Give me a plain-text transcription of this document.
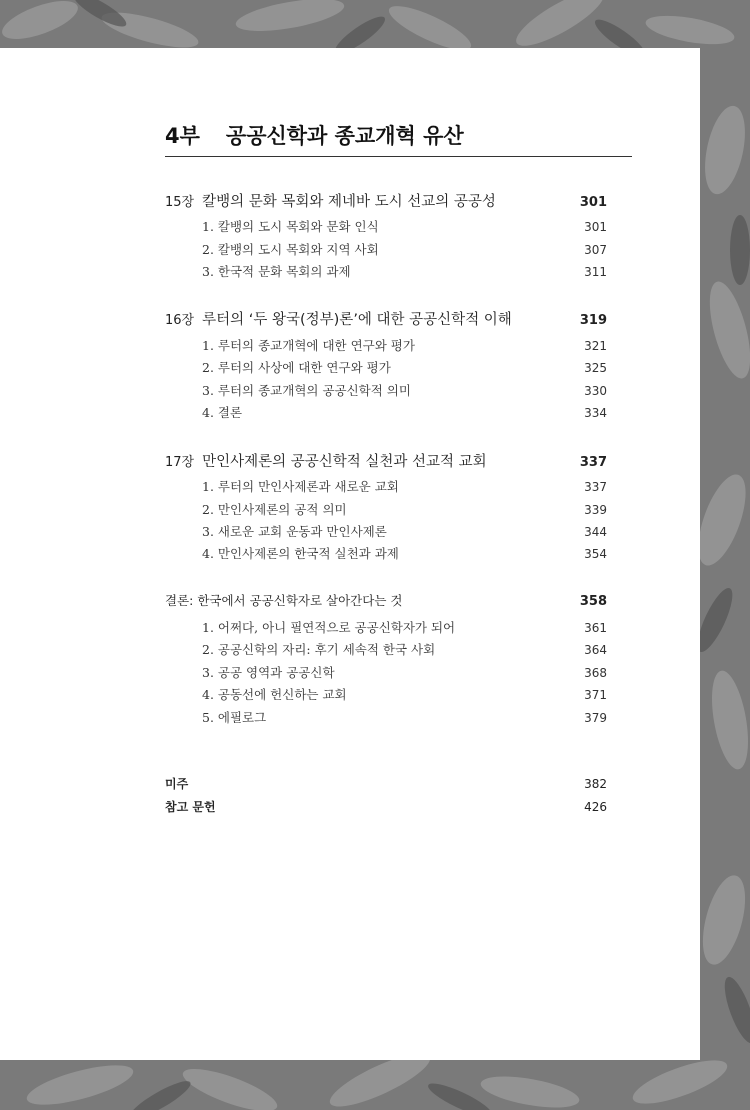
4부 공공신학과 종교개혁 유산
15장 칼뱅의 문화 목회와 제네바 도시 선교의 공공성	301
1. 칼뱅의 도시 목회와 문화 인식	301
2. 칼뱅의 도시 목회와 지역 사회	307
3. 한국적 문화 목회의 과제	311
16장 루터의 ‘두 왕국(정부)론’에 대한 공공신학적 이해	319
1. 루터의 종교개혁에 대한 연구와 평가	321
2. 루터의 사상에 대한 연구와 평가	325
3. 루터의 종교개혁의 공공신학적 의미	330
4. 결론	334
17장 만인사제론의 공공신학적 실천과 선교적 교회	337
1. 루터의 만인사제론과 새로운 교회	337
2. 만인사제론의 공적 의미	339
3. 새로운 교회 운동과 만인사제론	344
4. 만인사제론의 한국적 실천과 과제	354
결론: 한국에서 공공신학자로 살아간다는 것	358
1. 어쩌다, 아니 필연적으로 공공신학자가 되어	361
2. 공공신학의 자리: 후기 세속적 한국 사회	364
3. 공공 영역과 공공신학	368
4. 공동선에 헌신하는 교회	371
5. 에필로그	379
미주	382
참고 문헌	426
